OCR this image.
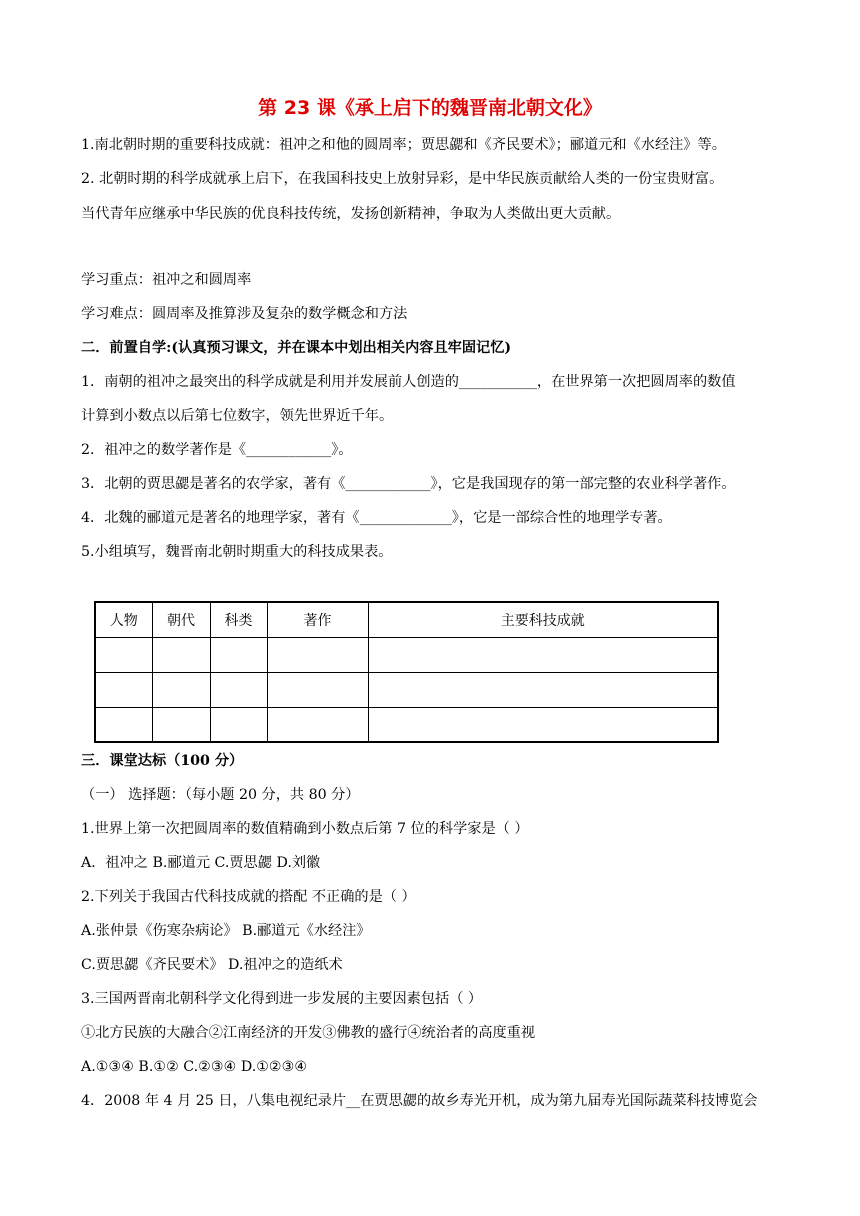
第 23 课《承上启下的魏晋南北朝文化》
1.南北朝时期的重要科技成就：祖冲之和他的圆周率；贾思勰和《齐民要术》；郦道元和《水经注》等。
2. 北朝时期的科学成就承上启下，在我国科技史上放射异彩，是中华民族贡献给人类的一份宝贵财富。
当代青年应继承中华民族的优良科技传统，发扬创新精神，争取为人类做出更大贡献。
学习重点：祖冲之和圆周率
学习难点：圆周率及推算涉及复杂的数学概念和方法
二．前置自学:(认真预习课文，并在课本中划出相关内容且牢固记忆)
1．南朝的祖冲之最突出的科学成就是利用并发展前人创造的___________，在世界第一次把圆周率的数值
计算到小数点以后第七位数字，领先世界近千年。
2．祖冲之的数学著作是《____________》。
3．北朝的贾思勰是著名的农学家，著有《____________》，它是我国现存的第一部完整的农业科学著作。
4．北魏的郦道元是著名的地理学家，著有《_____________》，它是一部综合性的地理学专著。
5.小组填写，魏晋南北朝时期重大的科技成果表。
人物	朝代	科类	著作	主要科技成就

三．课堂达标（100 分）
（一） 选择题：（每小题 20 分，共 80 分）
1.世界上第一次把圆周率的数值精确到小数点后第 7 位的科学家是（ ）
A．祖冲之 B.郦道元 C.贾思勰 D.刘徽
2.下列关于我国古代科技成就的搭配 不正确的是（ ）
A.张仲景《伤寒杂病论》 B.郦道元《水经注》
C.贾思勰《齐民要术》 D.祖冲之的造纸术
3.三国两晋南北朝科学文化得到进一步发展的主要因素包括（ ）
①北方民族的大融合②江南经济的开发③佛教的盛行④统治者的高度重视
A.①③④ B.①② C.②③④ D.①②③④
4．2008 年 4 月 25 日，八集电视纪录片__在贾思勰的故乡寿光开机，成为第九届寿光国际蔬菜科技博览会
